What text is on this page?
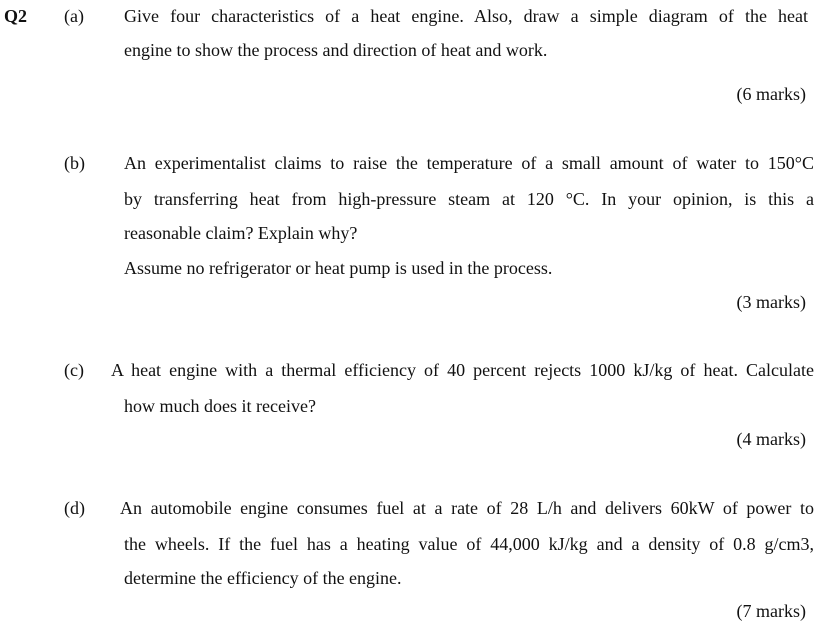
Q2 (a) Give four characteristics of a heat engine. Also, draw a simple diagram of the heat
engine to show the process and direction of heat and work.
(6 marks)
(b) An experimentalist claims to raise the temperature of a small amount of water to 150°C
by transferring heat from high-pressure steam at 120 °C. In your opinion, is this a
reasonable claim? Explain why?
Assume no refrigerator or heat pump is used in the process.
(3 marks)
(c) A heat engine with a thermal efficiency of 40 percent rejects 1000 kJ/kg of heat. Calculate
how much does it receive?
(4 marks)
(d) An automobile engine consumes fuel at a rate of 28 L/h and delivers 60kW of power to
the wheels. If the fuel has a heating value of 44,000 kJ/kg and a density of 0.8 g/cm3,
determine the efficiency of the engine.
(7 marks)
